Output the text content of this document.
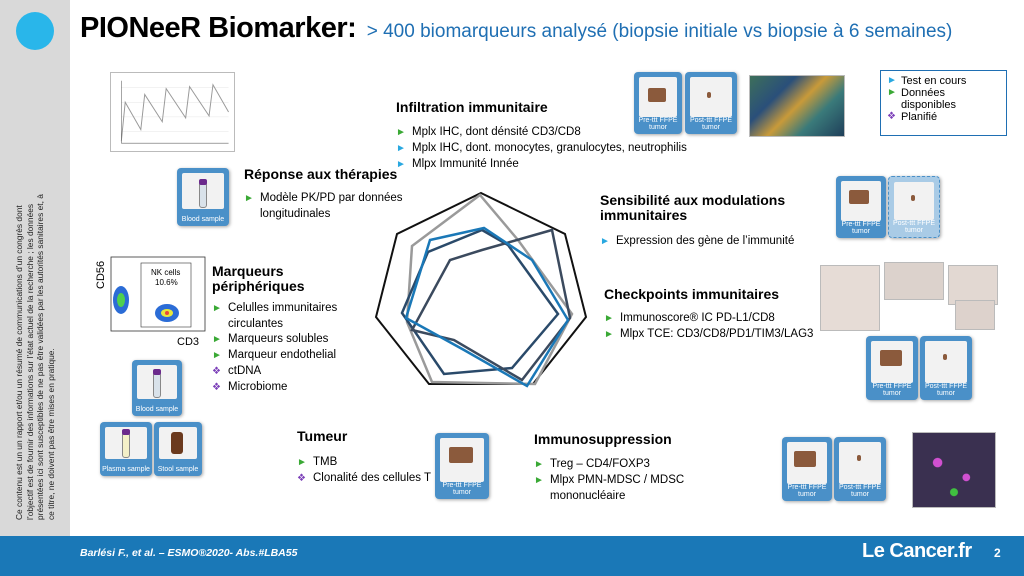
Ce contenu est un un rapport et/ou un résumé de communications d’un congrès dont l’objectif est de fournir des informations sur l’état actuel de la recherche ; les données présentées ici sont susceptibles de ne pas être validées par les autorités sanitaires et, à ce titre, ne doivent pas être mises en pratique.
PIONeeR Biomarker: > 400 biomarqueurs analysé (biopsie initiale vs biopsie à 6 semaines)
► Test en cours
► Données disponibles
❖ Planifié
Blood sample
Réponse aux thérapies
► Modèle PK/PD par données longitudinales
Infiltration immunitaire
► Mplx IHC, dont dénsité CD3/CD8
► Mplx IHC, dont. monocytes, granulocytes, neutrophilis
► Mlpx Immunité Innée
Pre-ttt FFPE tumor
Post-ttt FFPE tumor
Sensibilité aux modulations immunitaires
► Expression des gène de l’immunité
Pre-ttt FFPE tumor
Post-ttt FFPE tumor
NK cells
10.6%
CD56
CD3
Marqueurs périphériques
► Celulles immunitaires circulantes
► Marqueurs solubles
► Marqueur endothelial
❖ ctDNA
❖ Microbiome
Blood sample
Plasma sample	Stool sample
Checkpoints immunitaires
► Immunoscore® IC PD-L1/CD8
► Mlpx TCE: CD3/CD8/PD1/TIM3/LAG3
Pre-ttt FFPE tumor
Post-ttt FFPE tumor
Tumeur
► TMB
❖ Clonalité des cellules T
Pre-ttt FFPE tumor
Immunosuppression
► Treg – CD4/FOXP3
► Mlpx PMN-MDSC / MDSC mononucléaire
Pre-ttt FFPE tumor
Post-ttt FFPE tumor
Barlési F., et al. – ESMO®2020- Abs.#LBA55	Le Cancer.fr 2
